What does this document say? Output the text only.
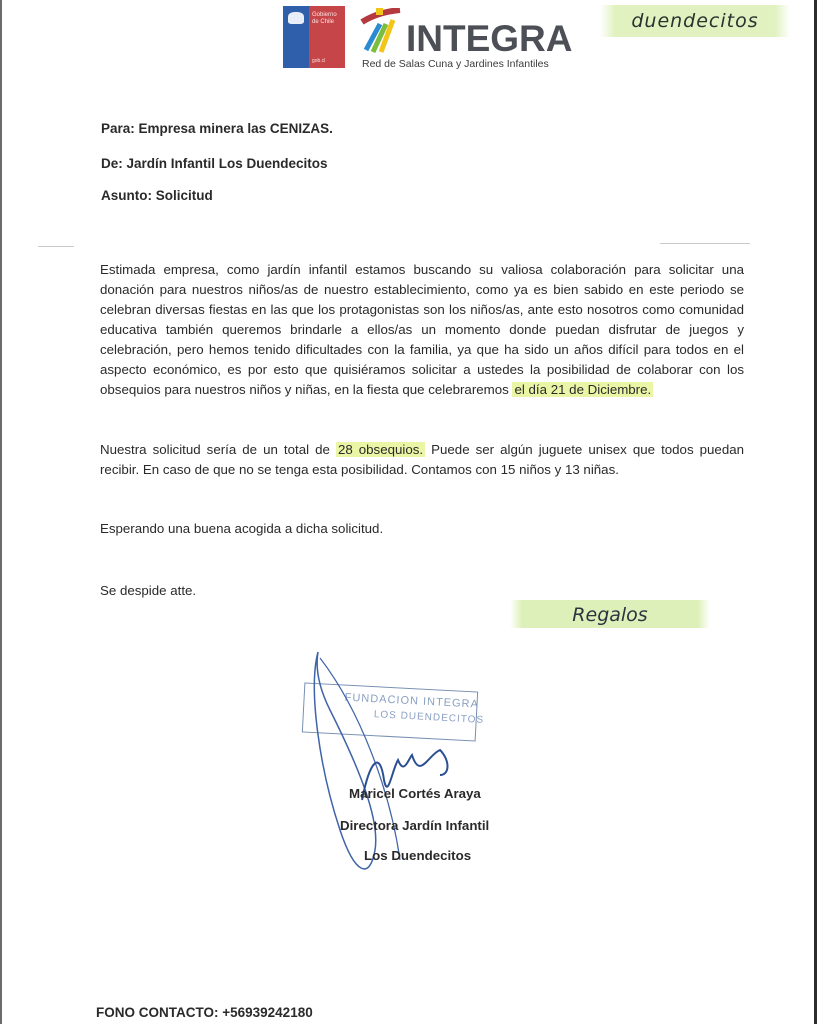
Gobierno
de Chile
gob.cl
INTEGRA
Red de Salas Cuna y Jardines Infantiles
duendecitos
Para: Empresa minera las CENIZAS.
De: Jardín Infantil Los Duendecitos
Asunto: Solicitud
Estimada empresa, como jardín infantil estamos buscando su valiosa colaboración para solicitar una donación para nuestros niños/as de nuestro establecimiento, como ya es bien sabido en este periodo se celebran diversas fiestas en las que los protagonistas son los niños/as, ante esto nosotros como comunidad educativa también queremos brindarle a ellos/as un momento donde puedan disfrutar de juegos y celebración, pero hemos tenido dificultades con la familia, ya que ha sido un años difícil para todos en el aspecto económico, es por esto que quisiéramos solicitar a ustedes la posibilidad de colaborar con los obsequios para nuestros niños y niñas, en la fiesta que celebraremos el día 21 de Diciembre.
Nuestra solicitud sería de un total de 28 obsequios. Puede ser algún juguete unisex que todos puedan recibir. En caso de que no se tenga esta posibilidad. Contamos con 15 niños y 13 niñas.
Esperando una buena acogida a dicha solicitud.
Se despide atte.
Regalos
FUNDACION INTEGRA
LOS DUENDECITOS
Maricel Cortés Araya
Directora Jardín Infantil
Los Duendecitos
FONO CONTACTO: +56939242180
